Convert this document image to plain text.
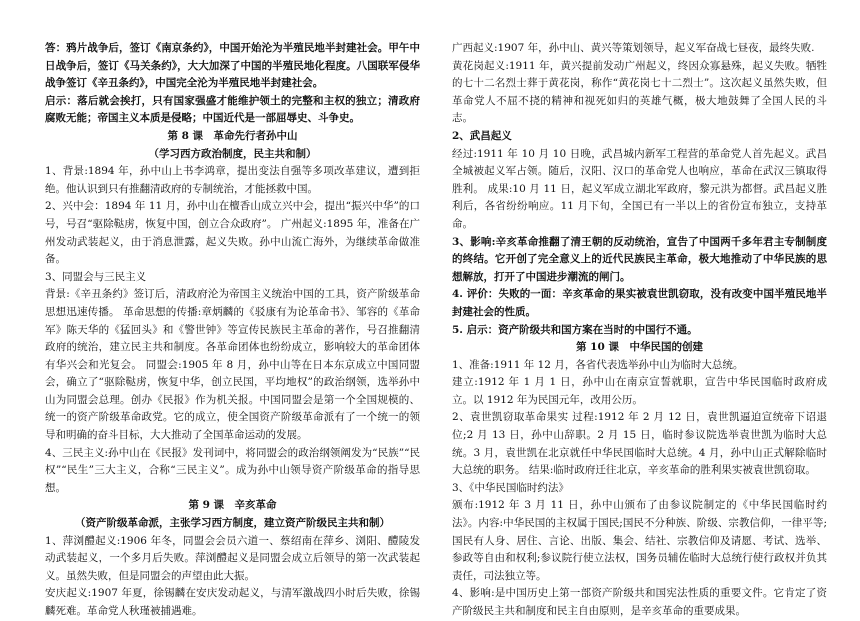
答：鸦片战争后，签订《南京条约》，中国开始沦为半殖民地半封建社会。甲午中日战争后，签订《马关条约》，大大加深了中国的半殖民地化程度。八国联军侵华战争签订《辛丑条约》，中国完全沦为半殖民地半封建社会。

启示：落后就会挨打，只有国家强盛才能维护领土的完整和主权的独立；清政府腐败无能；帝国主义本质是侵略；中国近代是一部屈辱史、斗争史。

第 8 课　革命先行者孙中山

（学习西方政治制度，民主共和制）

1、背景:1894 年，孙中山上书李鸿章，提出变法自强等多项改革建议，遭到拒绝。他认识到只有推翻清政府的专制统治，才能拯救中国。

2、兴中会：1894 年 11 月，孙中山在檀香山成立兴中会，提出“振兴中华”的口号，号召“驱除鞑虏，恢复中国，创立合众政府”。 广州起义:1895 年，准备在广州发动武装起义，由于消息泄露，起义失败。孙中山流亡海外，为继续革命做准备。

3、同盟会与三民主义

背景:《辛丑条约》签订后，清政府沦为帝国主义统治中国的工具，资产阶级革命思想迅速传播。 革命思想的传播:章炳麟的《驳康有为论革命书》、邹容的《革命军》陈天华的《猛回头》和《警世钟》等宣传民族民主革命的著作，号召推翻清政府的统治，建立民主共和制度。各革命团体也纷纷成立，影响较大的革命团体有华兴会和光复会。 同盟会:1905 年 8 月，孙中山等在日本东京成立中国同盟会，确立了“驱除鞑虏，恢复中华，创立民国，平均地权”的政治纲领，选举孙中山为同盟会总理。创办《民报》作为机关报。中国同盟会是第一个全国规模的、统一的资产阶级革命政党。它的成立，使全国资产阶级革命派有了一个统一的领导和明确的奋斗目标，大大推动了全国革命运动的发展。

4、三民主义:孙中山在《民报》发刊词中，将同盟会的政治纲领阐发为“民族”“民权”“民生”三大主义，合称“三民主义”。成为孙中山领导资产阶级革命的指导思想。

第 9 课　辛亥革命

（资产阶级革命派，主张学习西方制度，建立资产阶级民主共和制）

1、萍浏醴起义:1906 年冬，同盟会会员六道一、蔡绍南在萍乡、浏阳、醴陵发动武装起义，一个多月后失败。萍浏醴起义是同盟会成立后领导的第一次武装起义。虽然失败，但是同盟会的声望由此大振。

安庆起义:1907 年夏，徐锡麟在安庆发动起义，与清军激战四小时后失败，徐锡麟死难。革命党人秋瑾被捕遇难。

广西起义:1907 年，孙中山、黄兴等策划领导，起义军奋战七昼夜，最终失败.

黄花岗起义:1911 年，黄兴提前发动广州起义，终因众寡悬殊，起义失败。牺牲的七十二名烈士葬于黄花岗，称作“黄花岗七十二烈士”。这次起义虽然失败，但革命党人不屈不挠的精神和视死如归的英雄气概，极大地鼓舞了全国人民的斗志。

2、武昌起义

经过:1911 年 10 月 10 日晚，武昌城内新军工程营的革命党人首先起义。武昌全城被起义军占领。随后，汉阳、汉口的革命党人也响应，革命在武汉三镇取得胜利。 成果:10 月 11 日，起义军成立湖北军政府，黎元洪为都督。武昌起义胜利后，各省纷纷响应。11 月下旬，全国已有一半以上的省份宣布独立，支持革命。

3、影响:辛亥革命推翻了清王朝的反动统治，宣告了中国两千多年君主专制制度的终结。它开创了完全意义上的近代民族民主革命，极大地推动了中华民族的思想解放，打开了中国进步潮流的闸门。

4. 评价：失败的一面：辛亥革命的果实被袁世凯窃取，没有改变中国半殖民地半封建社会的性质。

5. 启示：资产阶级共和国方案在当时的中国行不通。

第 10 课　中华民国的创建

1、准备:1911 年 12 月，各省代表选举孙中山为临时大总统。

建立:1912 年 1 月 1 日，孙中山在南京宣誓就职，宣告中华民国临时政府成立。以 1912 年为民国元年，改用公历。

2、袁世凯窃取革命果实 过程:1912 年 2 月 12 日，袁世凯逼迫宣统帝下诏退位;2 月 13 日，孙中山辞职。2 月 15 日，临时参议院选举袁世凯为临时大总统。3 月，袁世凯在北京就任中华民国临时大总统。4 月，孙中山正式解除临时大总统的职务。 结果:临时政府迁往北京，辛亥革命的胜利果实被袁世凯窃取。

3、《中华民国临时约法》

颁布:1912 年 3 月 11 日，孙中山颁布了由参议院制定的《中华民国临时约法》。内容:中华民国的主权属于国民;国民不分种族、阶级、宗教信仰，一律平等;国民有人身、居住、言论、出版、集会、结社、宗教信仰及请愿、考试、选举、参政等自由和权利;参议院行使立法权，国务员辅佐临时大总统行使行政权并负其责任，司法独立等。

4、影响:是中国历史上第一部资产阶级共和国宪法性质的重要文件。它肯定了资产阶级民主共和制度和民主自由原则，是辛亥革命的重要成果。
